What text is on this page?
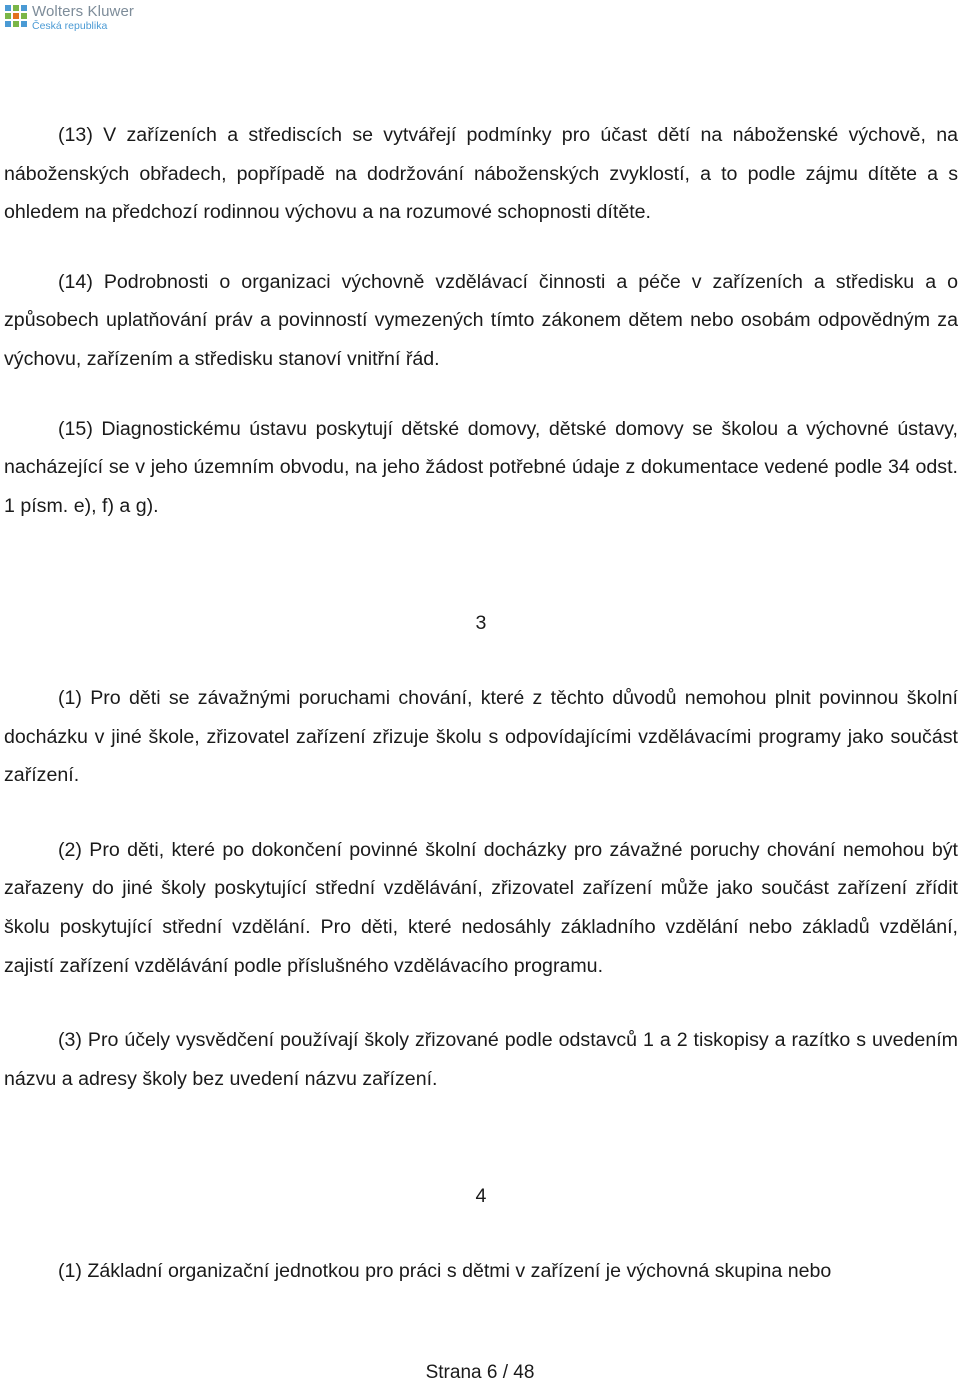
Wolters Kluwer
Česká republika

(13) V zařízeních a střediscích se vytvářejí podmínky pro účast dětí na náboženské výchově, na náboženských obřadech, popřípadě na dodržování náboženských zvyklostí, a to podle zájmu dítěte a s ohledem na předchozí rodinnou výchovu a na rozumové schopnosti dítěte.

(14) Podrobnosti o organizaci výchovně vzdělávací činnosti a péče v zařízeních a středisku a o způsobech uplatňování práv a povinností vymezených tímto zákonem dětem nebo osobám odpovědným za výchovu, zařízením a středisku stanoví vnitřní řád.

(15) Diagnostickému ústavu poskytují dětské domovy, dětské domovy se školou a výchovné ústavy, nacházející se v jeho územním obvodu, na jeho žádost potřebné údaje z dokumentace vedené podle 34 odst. 1 písm. e), f) a g).

3

(1) Pro děti se závažnými poruchami chování, které z těchto důvodů nemohou plnit povinnou školní docházku v jiné škole, zřizovatel zařízení zřizuje školu s odpovídajícími vzdělávacími programy jako součást zařízení.

(2) Pro děti, které po dokončení povinné školní docházky pro závažné poruchy chování nemohou být zařazeny do jiné školy poskytující střední vzdělávání, zřizovatel zařízení může jako součást zařízení zřídit školu poskytující střední vzdělání. Pro děti, které nedosáhly základního vzdělání nebo základů vzdělání, zajistí zařízení vzdělávání podle příslušného vzdělávacího programu.

(3) Pro účely vysvědčení používají školy zřizované podle odstavců 1 a 2 tiskopisy a razítko s uvedením názvu a adresy školy bez uvedení názvu zařízení.

4

(1) Základní organizační jednotkou pro práci s dětmi v zařízení je výchovná skupina nebo

Strana 6 / 48
